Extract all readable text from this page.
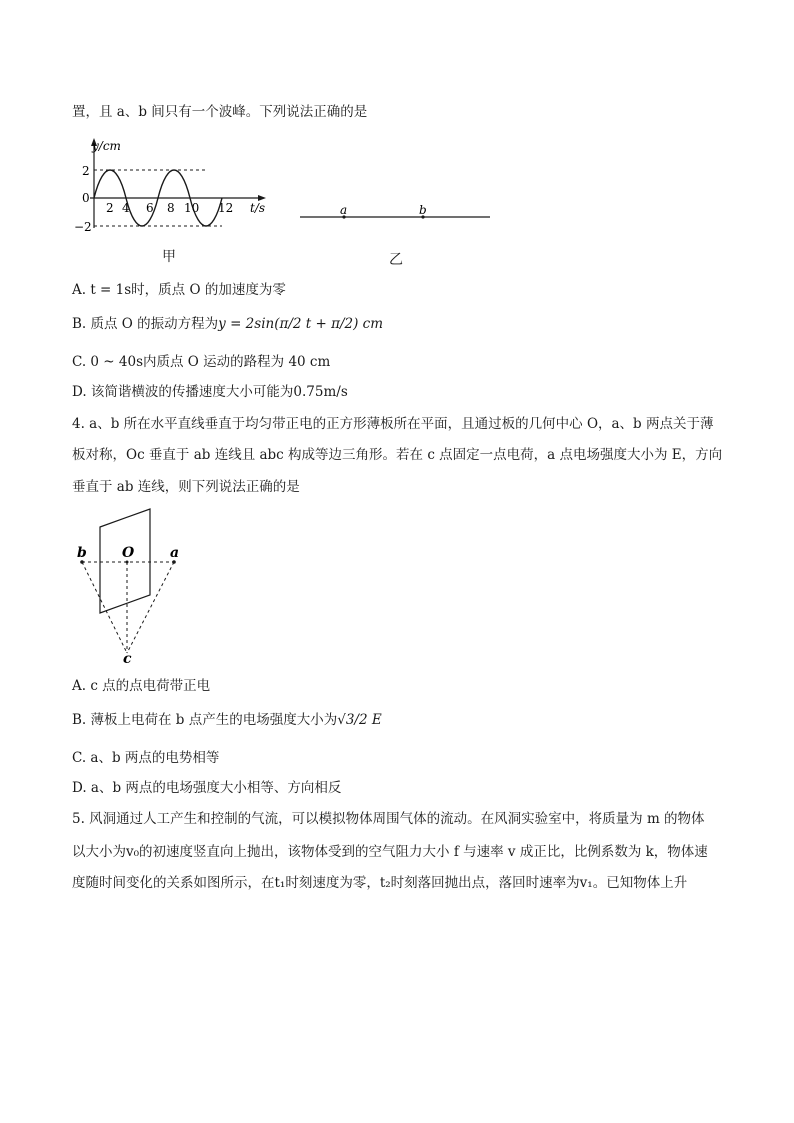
置，且 a、b 间只有一个波峰。下列说法正确的是
y/cm
2
0
−2
2 4 6 8 10 12 t/s
甲
a	b
乙
A. t = 1s时，质点 O 的加速度为零
B. 质点 O 的振动方程为y = 2sin(π/2 t + π/2) cm
C. 0 ~ 40s内质点 O 运动的路程为 40 cm
D. 该简谐横波的传播速度大小可能为0.75m/s
4. a、b 所在水平直线垂直于均匀带正电的正方形薄板所在平面，且通过板的几何中心 O，a、b 两点关于薄
板对称，Oc 垂直于 ab 连线且 abc 构成等边三角形。若在 c 点固定一点电荷，a 点电场强度大小为 E，方向
垂直于 ab 连线，则下列说法正确的是
b	O	a
c
A. c 点的点电荷带正电
B. 薄板上电荷在 b 点产生的电场强度大小为√3/2 E
C. a、b 两点的电势相等
D. a、b 两点的电场强度大小相等、方向相反
5. 风洞通过人工产生和控制的气流，可以模拟物体周围气体的流动。在风洞实验室中，将质量为 m 的物体
以大小为v₀的初速度竖直向上抛出，该物体受到的空气阻力大小 f 与速率 v 成正比，比例系数为 k，物体速
度随时间变化的关系如图所示，在t₁时刻速度为零，t₂时刻落回抛出点，落回时速率为v₁。已知物体上升
